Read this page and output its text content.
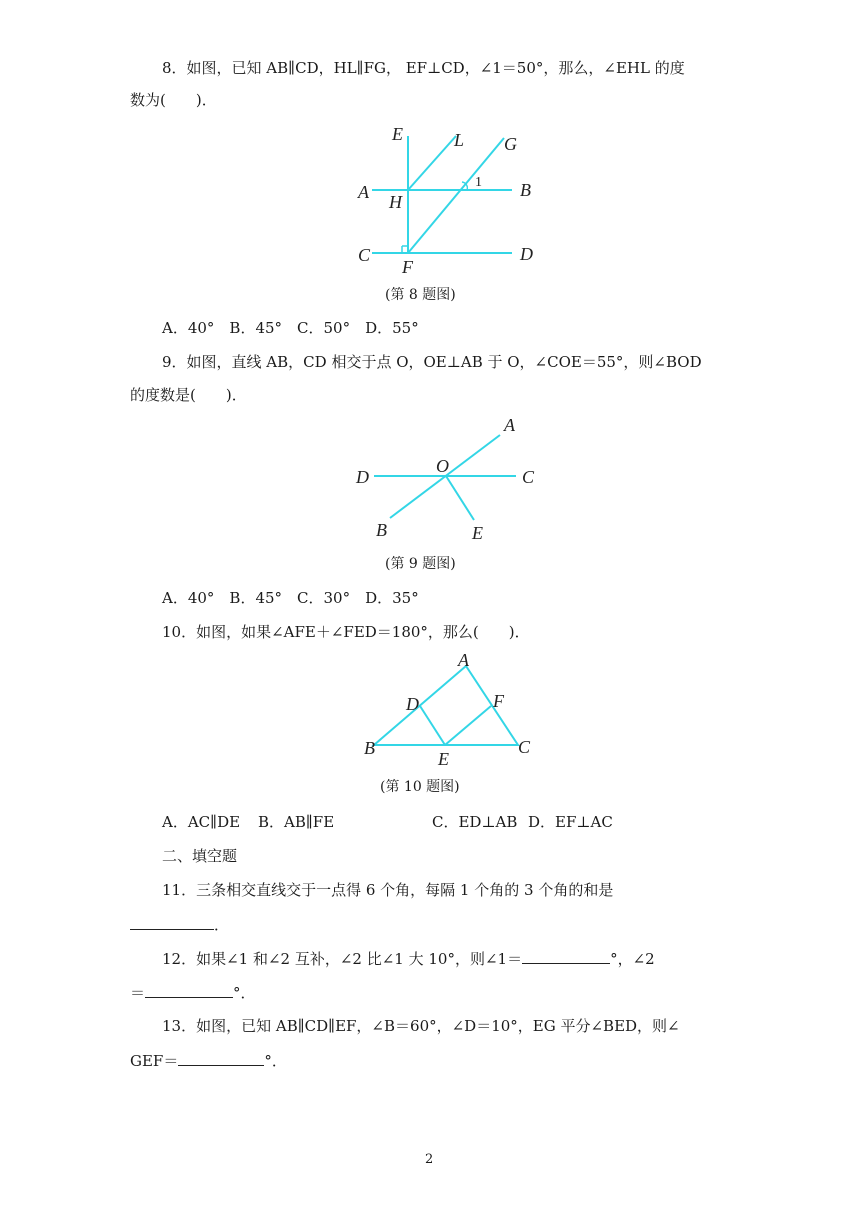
8．如图，已知 AB∥CD，HL∥FG， EF⊥CD，∠1＝50°，那么，∠EHL 的度
数为(　　)．
E	L G
A H
1 B
C
F
D
(第 8 题图)
A．40°　B．45°　C．50°　D．55°
9．如图，直线 AB，CD 相交于点 O，OE⊥AB 于 O，∠COE＝55°，则∠BOD
的度数是(　　)．
A
D
O
C
B	E
(第 9 题图)
A．40°　B．45°　C．30°　D．35°
10．如图，如果∠AFE＋∠FED＝180°，那么(　　)．
A
D	F
B
E
C
(第 10 题图)
A．AC∥DE B．AB∥FE	C．ED⊥AB D．EF⊥AC
二、填空题
11．三条相交直线交于一点得 6 个角，每隔 1 个角的 3 个角的和是
．
12．如果∠1 和∠2 互补，∠2 比∠1 大 10°，则∠1＝	°，∠2
＝	°．
13．如图，已知 AB∥CD∥EF，∠B＝60°，∠D＝10°，EG 平分∠BED，则∠
GEF＝	°．
2
